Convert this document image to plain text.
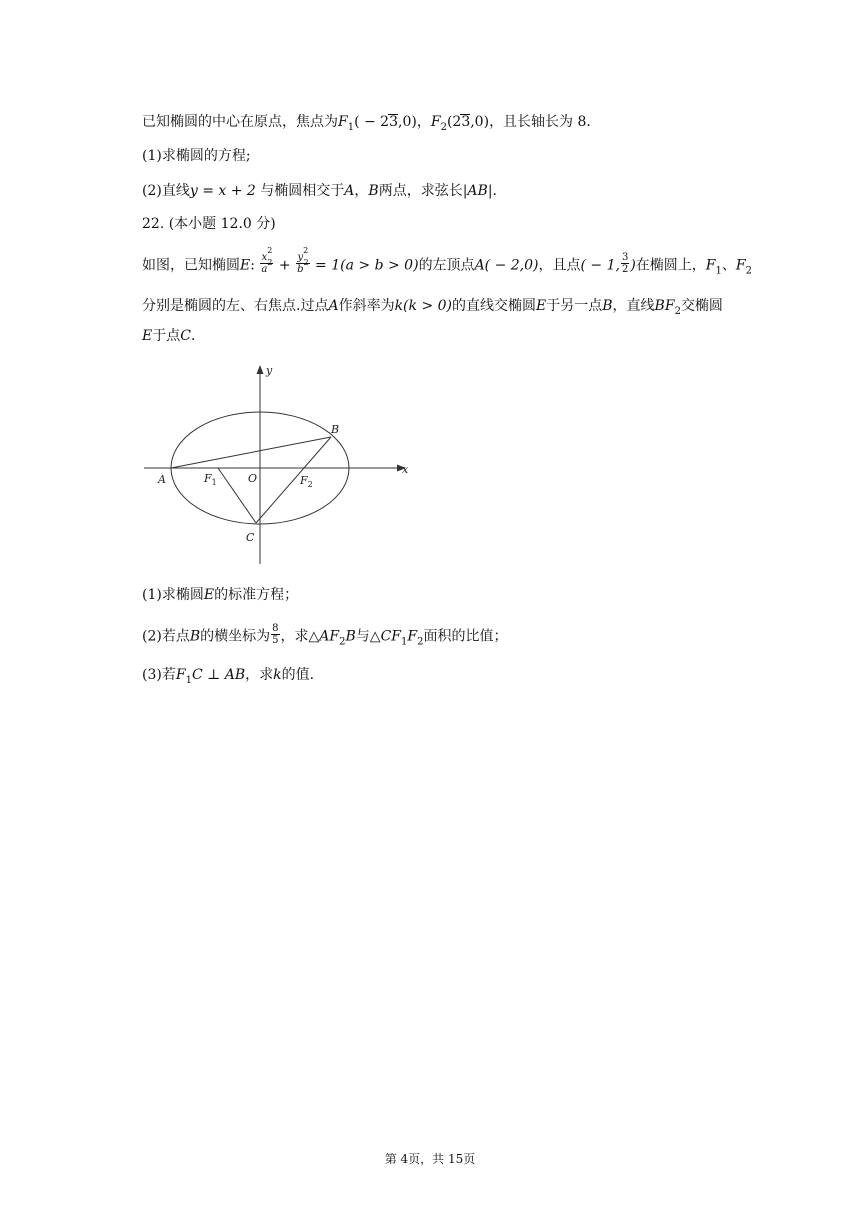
已知椭圆的中心在原点，焦点为$F_1( - 23,0)$，$F_2(23,0)$，且长轴长为 8．
(1)求椭圆的方程;
(2)直线y = x + 2 与椭圆相交于A，B两点，求弦长|AB|．
22. (本小题 12.0 分)
如图，已知椭圆E: $\frac{x^2}{a^2} + \frac{y^2}{b^2} = 1(a > b > 0)$的左顶点A( − 2,0)，且点( − 1, $\frac{3}{2}$ )在椭圆上，$F_1$、$F_2$
分别是椭圆的左、右焦点.过点A作斜率为k(k > 0)的直线交椭圆E于另一点B，直线$BF_2$交椭圆
E于点C．
y
x
A	$F_1$	O	$F_2$
B
C
(1)求椭圆E的标准方程；
(2)若点B的横坐标为 $\frac{8}{5}$ ，求$\triangle AF_2B$与$\triangle CF_1F_2$面积的比值；
(3)若$F_1C$ ⊥ AB，求k的值．
第 4页，共 15页
